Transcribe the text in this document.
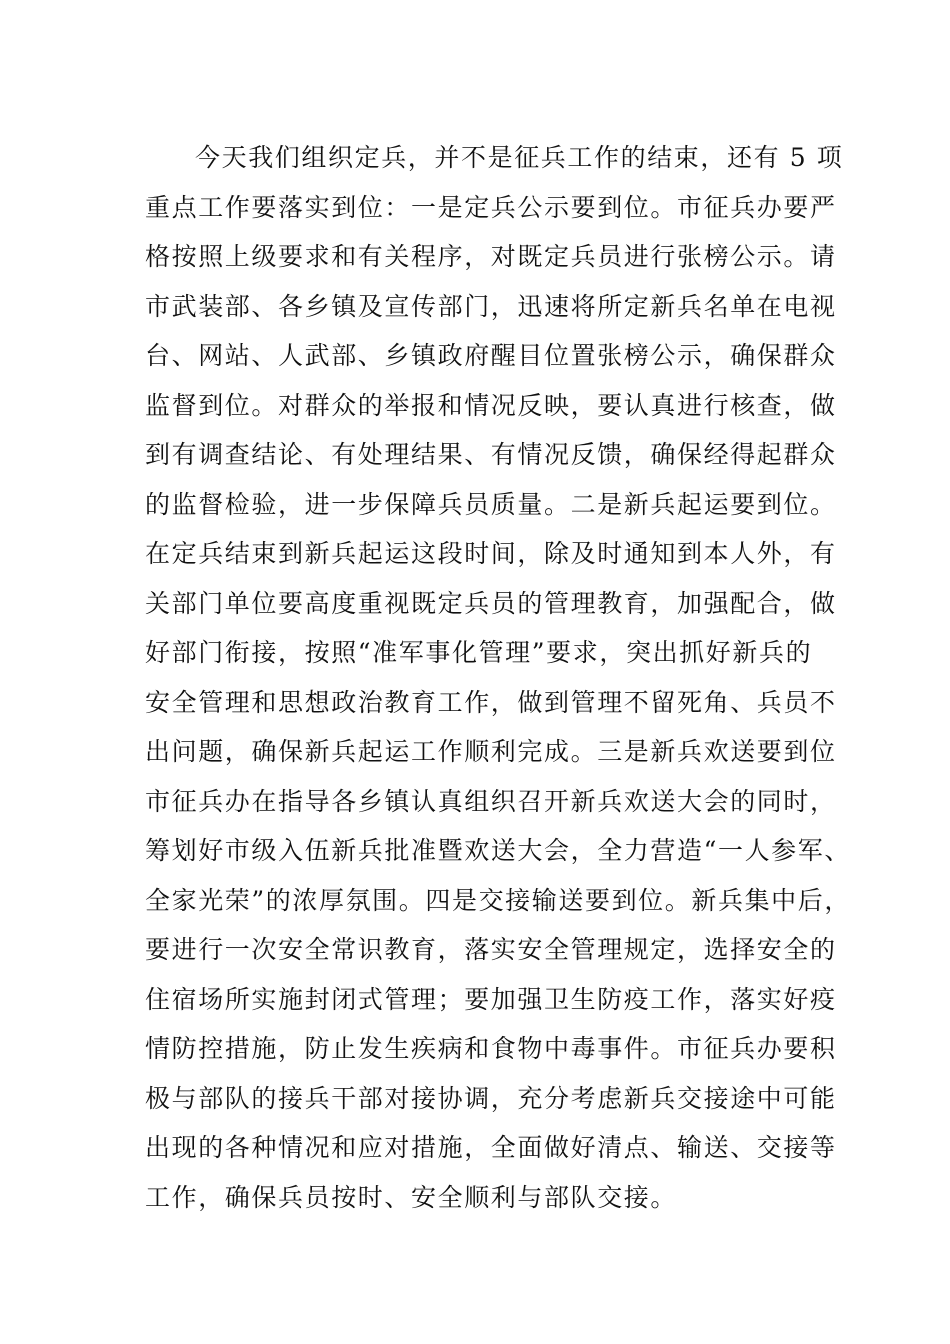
今天我们组织定兵，并不是征兵工作的结束，还有 5 项
重点工作要落实到位：一是定兵公示要到位。市征兵办要严
格按照上级要求和有关程序，对既定兵员进行张榜公示。请
市武装部、各乡镇及宣传部门，迅速将所定新兵名单在电视
台、网站、人武部、乡镇政府醒目位置张榜公示，确保群众
监督到位。对群众的举报和情况反映，要认真进行核查，做
到有调查结论、有处理结果、有情况反馈，确保经得起群众
的监督检验，进一步保障兵员质量。二是新兵起运要到位。
在定兵结束到新兵起运这段时间，除及时通知到本人外，有
关部门单位要高度重视既定兵员的管理教育，加强配合，做
好部门衔接，按照“准军事化管理”要求，突出抓好新兵的
安全管理和思想政治教育工作，做到管理不留死角、兵员不
出问题，确保新兵起运工作顺利完成。三是新兵欢送要到位
市征兵办在指导各乡镇认真组织召开新兵欢送大会的同时，
筹划好市级入伍新兵批准暨欢送大会，全力营造“一人参军、
全家光荣”的浓厚氛围。四是交接输送要到位。新兵集中后，
要进行一次安全常识教育，落实安全管理规定，选择安全的
住宿场所实施封闭式管理；要加强卫生防疫工作，落实好疫
情防控措施，防止发生疾病和食物中毒事件。市征兵办要积
极与部队的接兵干部对接协调，充分考虑新兵交接途中可能
出现的各种情况和应对措施，全面做好清点、输送、交接等
工作，确保兵员按时、安全顺利与部队交接。
